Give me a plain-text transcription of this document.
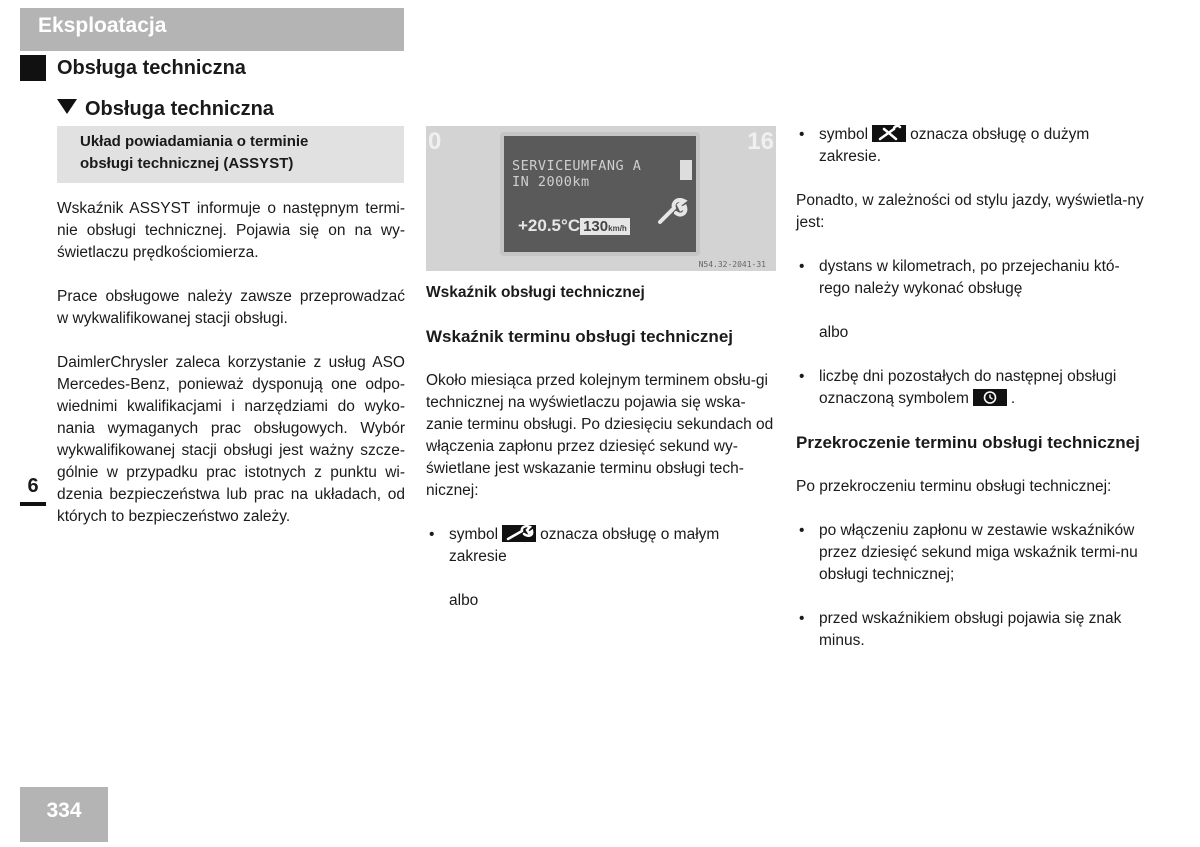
Eksploatacja
Obsługa techniczna
Obsługa techniczna
Układ powiadamiania o terminie
obsługi technicznej (ASSYST)

Wskaźnik ASSYST informuje o następnym termi-nie obsługi technicznej. Pojawia się on na wy-świetlaczu prędkościomierza.

Prace obsługowe należy zawsze przeprowadzać w wykwalifikowanej stacji obsługi.

DaimlerChrysler zaleca korzystanie z usług ASO Mercedes-Benz, ponieważ dysponują one odpo-wiednimi kwalifikacjami i narzędziami do wyko-nania wymaganych prac obsługowych. Wybór wykwalifikowanej stacji obsługi jest ważny szcze-gólnie w przypadku prac istotnych z punktu wi-dzenia bezpieczeństwa lub prac na układach, od których to bezpieczeństwo zależy.

6
0	16
SERVICEUMFANG A
IN 2000km
+20.5°C 130km/h
N54.32-2041-31

Wskaźnik obsługi technicznej

Wskaźnik terminu obsługi technicznej

Około miesiąca przed kolejnym terminem obsłu-gi technicznej na wyświetlaczu pojawia się wska-zanie terminu obsługi. Po dziesięciu sekundach od włączenia zapłonu przez dziesięć sekund wy-świetlane jest wskazanie terminu obsługi tech-nicznej:

• symbol	oznacza obsługę o małym zakresie

albo

• symbol	oznacza obsługę o dużym zakresie.

Ponadto, w zależności od stylu jazdy, wyświetla-ny jest:

• dystans w kilometrach, po przejechaniu któ-rego należy wykonać obsługę

albo

• liczbę dni pozostałych do następnej obsługi oznaczoną symbolem	.

Przekroczenie terminu obsługi technicznej

Po przekroczeniu terminu obsługi technicznej:

• po włączeniu zapłonu w zestawie wskaźników przez dziesięć sekund miga wskaźnik termi-nu obsługi technicznej;

• przed wskaźnikiem obsługi pojawia się znak minus.

334
